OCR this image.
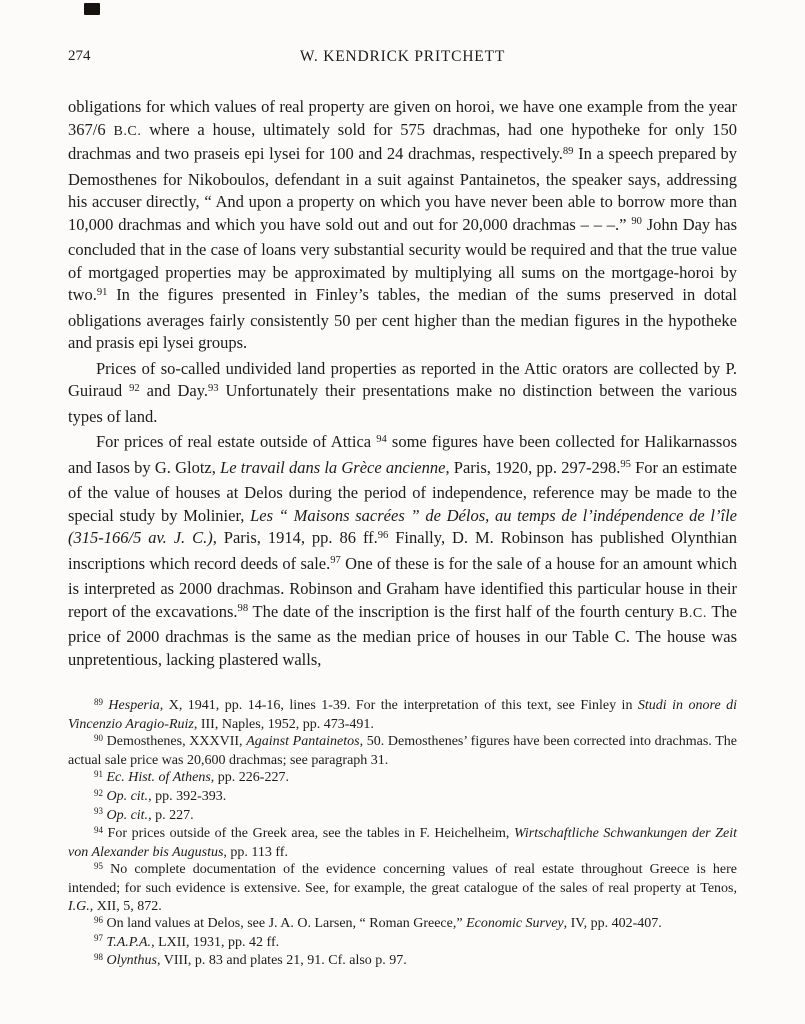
274	W. KENDRICK PRITCHETT

obligations for which values of real property are given on horoi, we have one example from the year 367/6 B.C. where a house, ultimately sold for 575 drachmas, had one hypotheke for only 150 drachmas and two praseis epi lysei for 100 and 24 drachmas, respectively.$^{89}$ In a speech prepared by Demosthenes for Nikoboulos, defendant in a suit against Pantainetos, the speaker says, addressing his accuser directly, “ And upon a property on which you have never been able to borrow more than 10,000 drachmas and which you have sold out and out for 20,000 drachmas – – –.” $^{90}$ John Day has concluded that in the case of loans very substantial security would be required and that the true value of mortgaged properties may be approximated by multiplying all sums on the mortgage-horoi by two.$^{91}$ In the figures presented in Finley’s tables, the median of the sums preserved in dotal obligations averages fairly consistently 50 per cent higher than the median figures in the hypotheke and prasis epi lysei groups.

Prices of so-called undivided land properties as reported in the Attic orators are collected by P. Guiraud $^{92}$ and Day.$^{93}$ Unfortunately their presentations make no distinction between the various types of land.

For prices of real estate outside of Attica $^{94}$ some figures have been collected for Halikarnassos and Iasos by G. Glotz, Le travail dans la Grèce ancienne, Paris, 1920, pp. 297-298.95 For an estimate of the value of houses at Delos during the period of independence, reference may be made to the special study by Molinier, Les “ Maisons sacrées ” de Délos, au temps de l’indépendence de l’île (315-166/5 av. J. C.), Paris, 1914, pp. 86 ff.$^{96}$ Finally, D. M. Robinson has published Olynthian inscriptions which record deeds of sale.$^{97}$ One of these is for the sale of a house for an amount which is interpreted as 2000 drachmas. Robinson and Graham have identified this particular house in their report of the excavations.$^{98}$ The date of the inscription is the first half of the fourth century B.C. The price of 2000 drachmas is the same as the median price of houses in our Table C. The house was unpretentious, lacking plastered walls,

$^{89}$ Hesperia, X, 1941, pp. 14-16, lines 1-39. For the interpretation of this text, see Finley in Studi in onore di Vincenzio Aragio-Ruiz, III, Naples, 1952, pp. 473-491.

$^{90}$ Demosthenes, XXXVII, Against Pantainetos, 50. Demosthenes’ figures have been corrected into drachmas. The actual sale price was 20,600 drachmas; see paragraph 31.

$^{91}$ Ec. Hist. of Athens, pp. 226-227.

$^{92}$ Op. cit., pp. 392-393.

$^{93}$ Op. cit., p. 227.

$^{94}$ For prices outside of the Greek area, see the tables in F. Heichelheim, Wirtschaftliche Schwankungen der Zeit von Alexander bis Augustus, pp. 113 ff.

$^{95}$ No complete documentation of the evidence concerning values of real estate throughout Greece is here intended; for such evidence is extensive. See, for example, the great catalogue of the sales of real property at Tenos, I.G., XII, 5, 872.

$^{96}$ On land values at Delos, see J. A. O. Larsen, “ Roman Greece,” Economic Survey, IV, pp. 402-407.

$^{97}$ T.A.P.A., LXII, 1931, pp. 42 ff.

$^{98}$ Olynthus, VIII, p. 83 and plates 21, 91. Cf. also p. 97.
